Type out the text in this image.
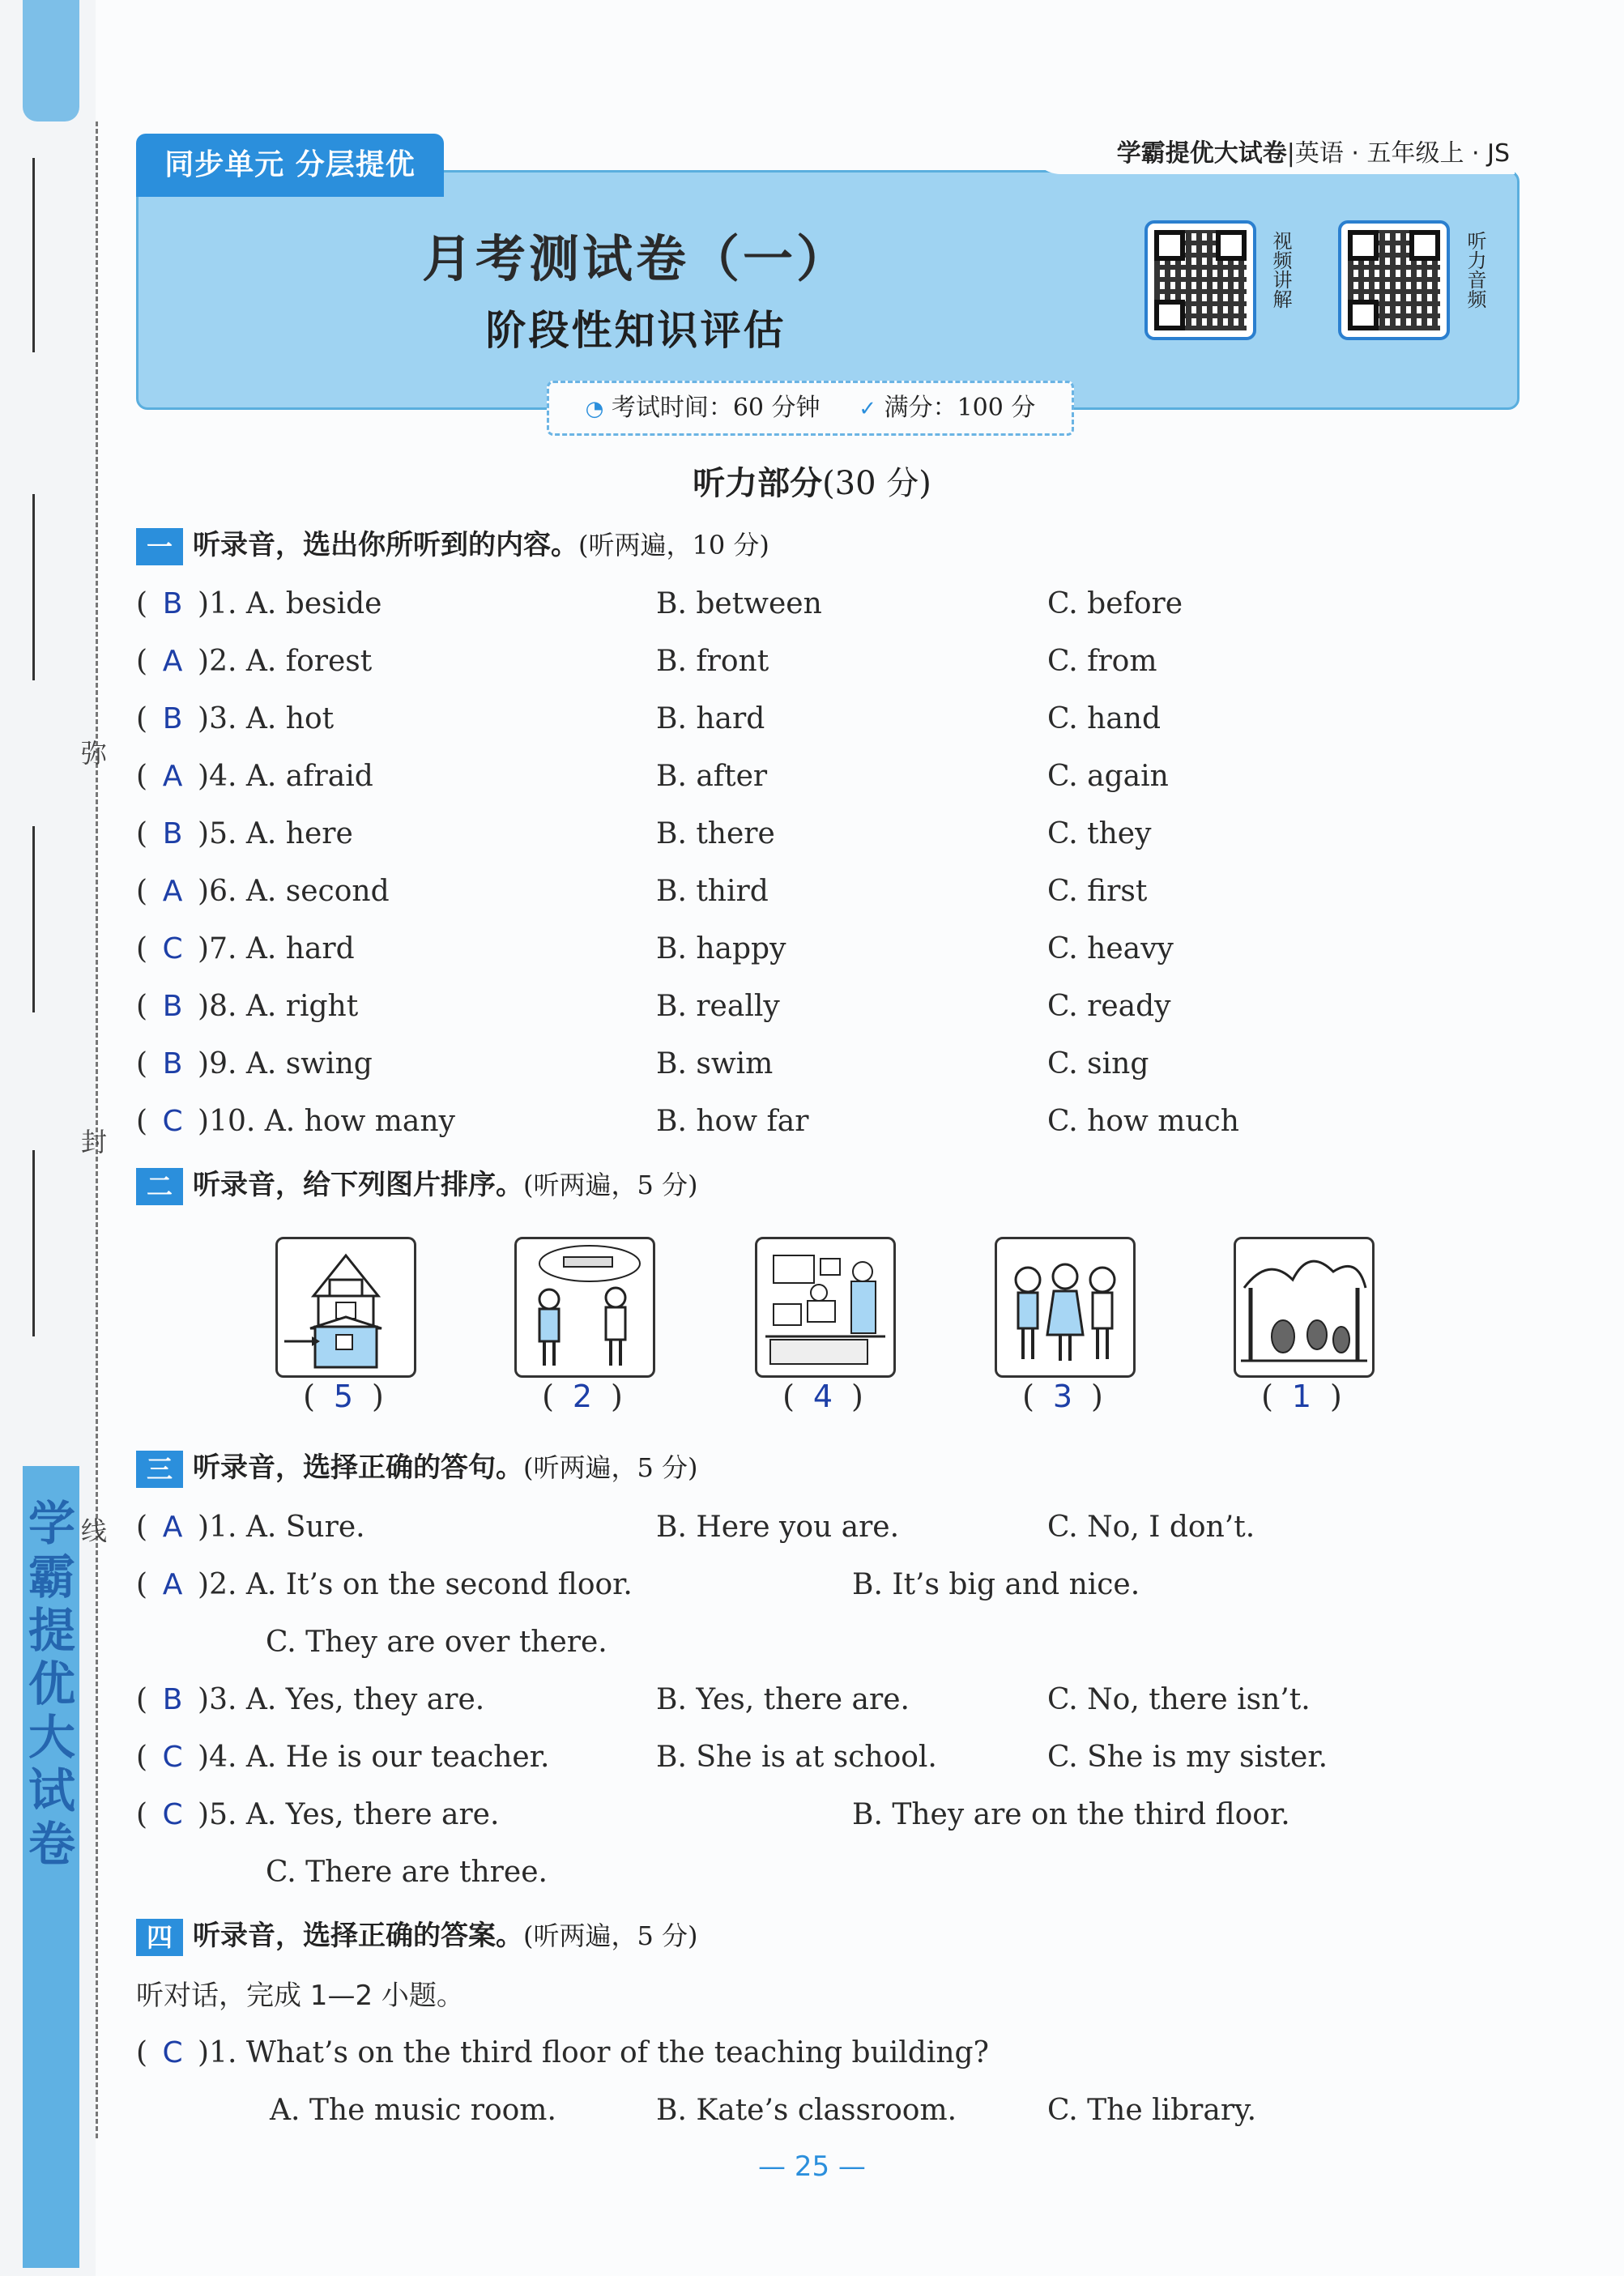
学霸提优大试卷
弥
封
线
同步单元 分层提优	学霸提优大试卷|英语 · 五年级上 · JS
月考测试卷（一）
阶段性知识评估
视频讲解	听力音频
◔ 考试时间：60 分钟 ✓ 满分：100 分
听力部分(30 分)
一 听录音，选出你所听到的内容。(听两遍，10 分)
( B )1. A. beside	B. between	C. before
( A )2. A. forest	B. front	C. from
( B )3. A. hot	B. hard	C. hand
( A )4. A. afraid	B. after	C. again
( B )5. A. here	B. there	C. they
( A )6. A. second	B. third	C. first
( C )7. A. hard	B. happy	C. heavy
( B )8. A. right	B. really	C. ready
( B )9. A. swing	B. swim	C. sing
( C )10. A. how many	B. how far	C. how much
二 听录音，给下列图片排序。(听两遍，5 分)
( 5 )	( 2 )	( 4 )	( 3 )	( 1 )
三 听录音，选择正确的答句。(听两遍，5 分)
( A )1. A. Sure.	B. Here you are.	C. No, I don’t.
( A )2. A. It’s on the second floor.	B. It’s big and nice.
C. They are over there.
( B )3. A. Yes, they are.	B. Yes, there are.	C. No, there isn’t.
( C )4. A. He is our teacher.	B. She is at school.	C. She is my sister.
( C )5. A. Yes, there are.	B. They are on the third floor.
C. There are three.
四 听录音，选择正确的答案。(听两遍，5 分)
听对话，完成 1—2 小题。
( C )1. What’s on the third floor of the teaching building?
A. The music room.	B. Kate’s classroom.	C. The library.
— 25 —
